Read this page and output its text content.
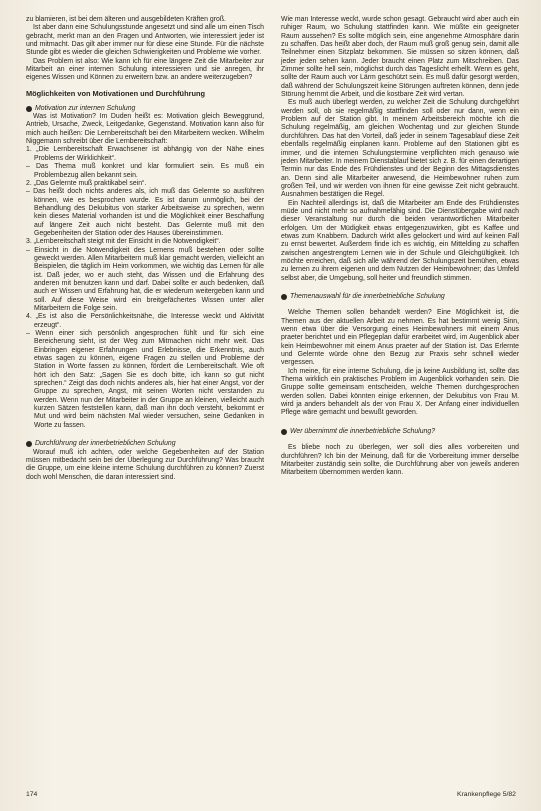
zu blamieren, ist bei dem älteren und ausgebildeten Kräften groß.

Ist aber dann eine Schulungsstunde angesetzt und sind alle um einen Tisch gebracht, merkt man an den Fragen und Antworten, wie interessiert jeder ist und mitmacht. Das gilt aber immer nur für diese eine Stunde. Für die nächste Stunde gibt es wieder die gleichen Schwierigkeiten und Probleme wie vorher.

Das Problem ist also: Wie kann ich für eine längere Zeit die Mitarbeiter zur Mitarbeit an einer internen Schulung interessieren und sie anregen, ihr eigenes Wissen und Können zu erweitern bzw. an andere weiterzugeben?

Möglichkeiten von Motivationen und Durchführung
Motivation zur internen Schulung

Was ist Motivation? Im Duden heißt es: Motivation gleich Beweggrund, Antrieb, Ursache, Zweck, Leitgedanke, Gegenstand. Motivation kann also für mich auch heißen: Die Lernbereitschaft bei den Mitarbeitern wecken. Wilhelm Niggemann schreibt über die Lernbereitschaft:

1. „Die Lernbereitschaft Erwachsener ist abhängig von der Nähe eines Problems der Wirklichkeit“.

– Das Thema muß konkret und klar formuliert sein. Es muß ein Problembezug allen bekannt sein.

2. „Das Gelernte muß praktikabel sein“.

– Das heißt doch nichts anderes als, ich muß das Gelernte so ausführen können, wie es besprochen wurde. Es ist darum unmöglich, bei der Behandlung des Dekubitus von starker Arbeitsweise zu sprechen, wenn kein dieses Material vorhanden ist und die Möglichkeit einer Beschaffung auf längere Zeit auch nicht besteht. Das Gelernte muß mit den Gegebenheiten der Station oder des Hauses übereinstimmen.

3. „Lernbereitschaft steigt mit der Einsicht in die Notwendigkeit“.

– Einsicht in die Notwendigkeit des Lernens muß bestehen oder sollte geweckt werden. Allen Mitarbeitern muß klar gemacht werden, vielleicht an Beispielen, die täglich im Heim vorkommen, wie wichtig das Lernen für alle ist. Daß jeder, wo er auch steht, das Wissen und die Erfahrung des anderen mit benutzen kann und darf. Dabei sollte er auch bedenken, daß auch er Wissen und Erfahrung hat, die er wiederum weitergeben kann und soll. Auf diese Weise wird ein breitgefächertes Wissen unter aller Mitarbeitern die Folge sein.

4. „Es ist also die Persönlichkeitsnähe, die Interesse weckt und Aktivität erzeugt“.

– Wenn einer sich persönlich angesprochen fühlt und für sich eine Bereicherung sieht, ist der Weg zum Mitmachen nicht mehr weit. Das Einbringen eigener Erfahrungen und Erlebnisse, die Erkenntnis, auch etwas sagen zu können, eigene Fragen zu stellen und Probleme der Station in Worte fassen zu können, fördert die Lernbereitschaft. Wie oft hört ich den Satz: „Sagen Sie es doch bitte, ich kann so gut nicht sprechen.“ Zeigt das doch nichts anderes als, hier hat einer Angst, vor der Gruppe zu sprechen, Angst, mit seinen Worten nicht verstanden zu werden. Wenn nun der Mitarbeiter in der Gruppe an kleinen, vielleicht auch kurzen Sätzen feststellen kann, daß man ihn doch versteht, bekommt er Mut und wird beim nächsten Mal wieder versuchen, seine Gedanken in Worte zu fassen.

Durchführung der innerbetrieblichen Schulung

Worauf muß ich achten, oder welche Gegebenheiten auf der Station müssen mitbedacht sein bei der Überlegung zur Durchführung? Was braucht die Gruppe, um eine kleine interne Schulung durchführen zu können? Zuerst doch wohl Menschen, die daran interessiert sind.

Wie man Interesse weckt, wurde schon gesagt. Gebraucht wird aber auch ein ruhiger Raum, wo Schulung stattfinden kann. Wie müßte ein geeigneter Raum aussehen? Es sollte möglich sein, eine angenehme Atmosphäre darin zu schaffen. Das heißt aber doch, der Raum muß groß genug sein, damit alle Teilnehmer einen Sitzplatz bekommen. Sie müssen so sitzen können, daß jeder jeden sehen kann. Jeder braucht einen Platz zum Mitschreiben. Das Zimmer sollte hell sein, möglichst durch das Tageslicht erhellt. Wenn es geht, sollte der Raum auch vor Lärm geschützt sein. Es muß dafür gesorgt werden, daß während der Schulungszeit keine Störungen auftreten können, denn jede Störung hemmt die Arbeit, und die kostbare Zeit wird vertan.

Es muß auch überlegt werden, zu welcher Zeit die Schulung durchgeführt werden soll, ob sie regelmäßig stattfinden soll oder nur dann, wenn ein Problem auf der Station gibt. In meinem Arbeitsbereich möchte ich die Schulung regelmäßig, am gleichen Wochentag und zur gleichen Stunde durchführen. Das hat den Vorteil, daß jeder in seinem Tagesablauf diese Zeit ebenfalls regelmäßig einplanen kann. Probleme auf den Stationen gibt es immer, und die internen Schulungstermine verpflichten mich genauso wie jeden Mitarbeiter. In meinem Dienstablauf bietet sich z. B. für einen derartigen Termin nur das Ende des Frühdienstes und der Beginn des Mittagsdienstes an. Denn sind alle Mitarbeiter anwesend, die Heimbewohner ruhen zum großen Teil, und wir werden von ihnen für eine gewisse Zeit nicht gebraucht. Ausnahmen bestätigen die Regel.

Ein Nachteil allerdings ist, daß die Mitarbeiter am Ende des Frühdienstes müde und nicht mehr so aufnahmefähig sind. Die Dienstübergabe wird nach dieser Veranstaltung nur durch die beiden verantwortlichen Mitarbeiter erfolgen. Um der Müdigkeit etwas entgegenzuwirken, gibt es Kaffee und etwas zum Knabbern. Dadurch wirkt alles gelockert und wird auf keinen Fall zu ernst bewertet. Außerdem finde ich es wichtig, ein Mittelding zu schaffen zwischen angestrengtem Lernen wie in der Schule und Gleichgültigkeit. Ich möchte erreichen, daß sich alle während der Schulungszeit bemühen, etwas zu lernen zu ihrem eigenen und dem Nutzen der Heimbewohner; das Umfeld selbst aber, die Umgebung, soll heiter und freundlich stimmen.

Themenauswahl für die innerbetriebliche Schulung

Welche Themen sollen behandelt werden? Eine Möglichkeit ist, die Themen aus der aktuellen Arbeit zu nehmen. Es hat bestimmt wenig Sinn, wenn etwa über die Versorgung eines Heimbewohners mit einem Anus praeter berichtet und ein Pflegeplan dafür erarbeitet wird, im Augenblick aber kein Heimbewohner mit einem Anus praeter auf der Station ist. Das Erlernte und Gelernte würde ohne den Bezug zur Praxis sehr schnell wieder vergessen.

Ich meine, für eine interne Schulung, die ja keine Ausbildung ist, sollte das Thema wirklich ein praktisches Problem im Augenblick vorhanden sein. Die Gruppe sollte gemeinsam entscheiden, welche Themen durchgesprochen werden sollen. Dabei könnten einige erkennen, der Dekubitus von Frau M. wird ja anders behandelt als der von Frau X. Der Anfang einer individuellen Pflege wäre gemacht und bewußt geworden.

Wer übernimmt die innerbetriebliche Schulung?

Es bliebe noch zu überlegen, wer soll dies alles vorbereiten und durchführen? Ich bin der Meinung, daß für die Vorbereitung immer derselbe Mitarbeiter zuständig sein sollte, die Durchführung aber von jeweils anderen Mitarbeitern übernommen werden kann.

174	Krankenpflege 5/82
